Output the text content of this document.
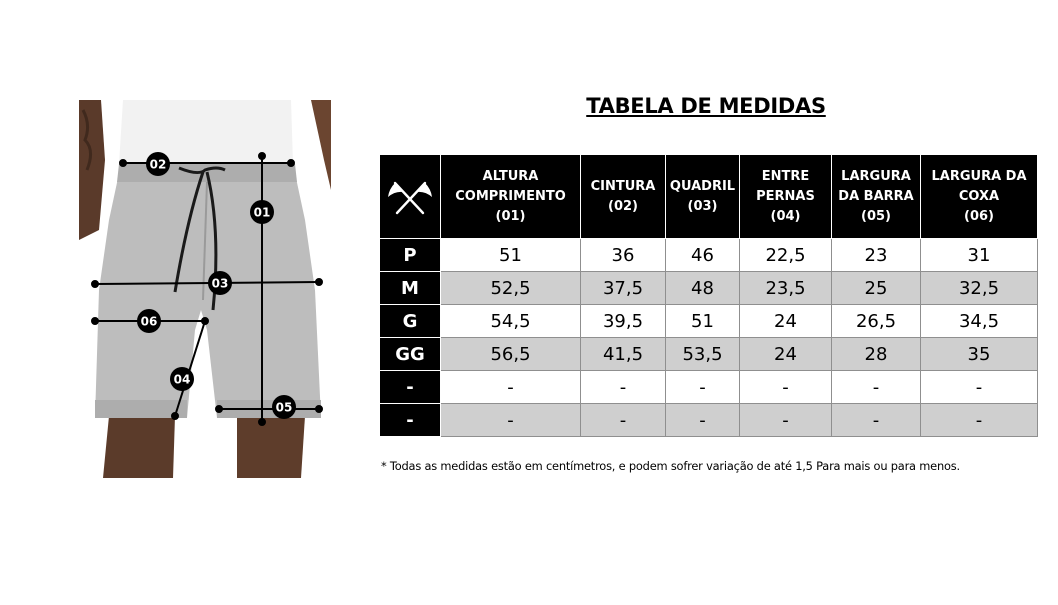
02
01
03
06
04
05
TABELA DE MEDIDAS

ALTURA
COMPRIMENTO
(01)	CINTURA
(02)	QUADRIL
(03)	ENTRE
PERNAS
(04)	LARGURA
DA BARRA
(05)	LARGURA DA
COXA
(06)

P	51	36	46	22,5	23	31
M	52,5	37,5	48	23,5	25	32,5
G	54,5	39,5	51	24	26,5	34,5
GG	56,5	41,5	53,5	24	28	35
-	-	-	-	-	-	-
-	-	-	-	-	-	-
* Todas as medidas estão em centímetros, e podem sofrer variação de até 1,5 Para mais ou para menos.
